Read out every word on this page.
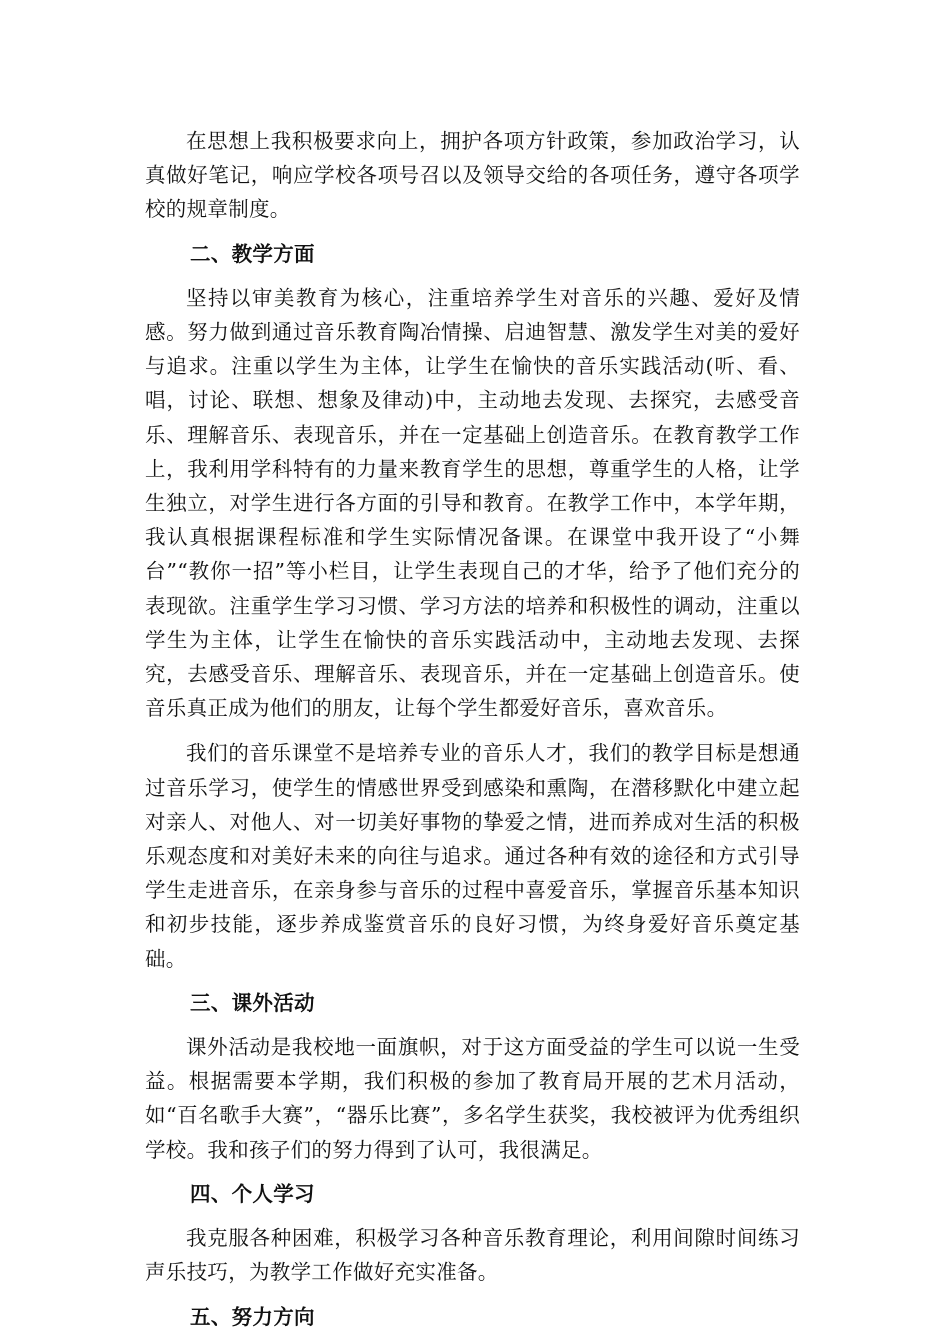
在思想上我积极要求向上，拥护各项方针政策，参加政治学习，认真做好笔记，响应学校各项号召以及领导交给的各项任务，遵守各项学校的规章制度。

二、教学方面

坚持以审美教育为核心，注重培养学生对音乐的兴趣、爱好及情感。努力做到通过音乐教育陶冶情操、启迪智慧、激发学生对美的爱好与追求。注重以学生为主体，让学生在愉快的音乐实践活动(听、看、唱，讨论、联想、想象及律动)中，主动地去发现、去探究，去感受音乐、理解音乐、表现音乐，并在一定基础上创造音乐。在教育教学工作上，我利用学科特有的力量来教育学生的思想，尊重学生的人格，让学生独立，对学生进行各方面的引导和教育。在教学工作中，本学年期，我认真根据课程标准和学生实际情况备课。在课堂中我开设了“小舞台”“教你一招”等小栏目，让学生表现自己的才华，给予了他们充分的表现欲。注重学生学习习惯、学习方法的培养和积极性的调动，注重以学生为主体，让学生在愉快的音乐实践活动中，主动地去发现、去探究，去感受音乐、理解音乐、表现音乐，并在一定基础上创造音乐。使音乐真正成为他们的朋友，让每个学生都爱好音乐，喜欢音乐。

我们的音乐课堂不是培养专业的音乐人才，我们的教学目标是想通过音乐学习，使学生的情感世界受到感染和熏陶，在潜移默化中建立起对亲人、对他人、对一切美好事物的挚爱之情，进而养成对生活的积极乐观态度和对美好未来的向往与追求。通过各种有效的途径和方式引导学生走进音乐，在亲身参与音乐的过程中喜爱音乐，掌握音乐基本知识和初步技能，逐步养成鉴赏音乐的良好习惯，为终身爱好音乐奠定基础。

三、课外活动

课外活动是我校地一面旗帜，对于这方面受益的学生可以说一生受益。根据需要本学期，我们积极的参加了教育局开展的艺术月活动，如“百名歌手大赛”，“器乐比赛”，多名学生获奖，我校被评为优秀组织学校。我和孩子们的努力得到了认可，我很满足。

四、个人学习

我克服各种困难，积极学习各种音乐教育理论，利用间隙时间练习声乐技巧，为教学工作做好充实准备。

五、努力方向
